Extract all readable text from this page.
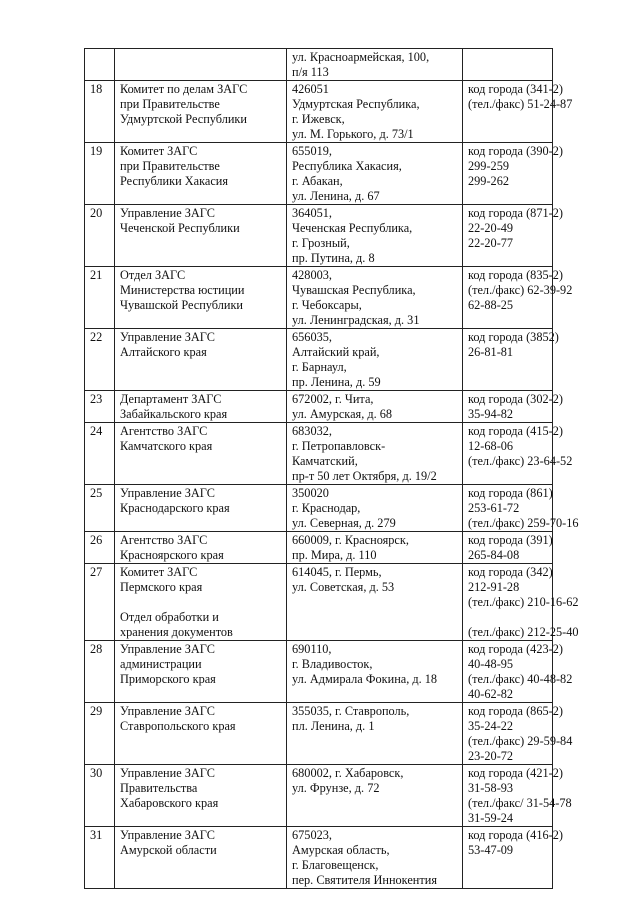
		ул. Красноармейская, 100,
п/я 113	

18	Комитет по делам ЗАГС
при Правительстве
Удмуртской Республики	426051
Удмуртская Республика,
г. Ижевск,
ул. М. Горького, д. 73/1	код города (341-2)
(тел./факс) 51-24-87

19	Комитет ЗАГС
при Правительстве
Республики Хакасия	655019,
Республика Хакасия,
г. Абакан,
ул. Ленина, д. 67	код города (390-2)
299-259
299-262

20	Управление ЗАГС
Чеченской Республики	364051,
Чеченская Республика,
г. Грозный,
пр. Путина, д. 8	код города (871-2)
22-20-49
22-20-77

21	Отдел ЗАГС
Министерства юстиции
Чувашской Республики	428003,
Чувашская Республика,
г. Чебоксары,
ул. Ленинградская, д. 31	код города (835-2)
(тел./факс) 62-39-92
62-88-25

22	Управление ЗАГС
Алтайского края	656035,
Алтайский край,
г. Барнаул,
пр. Ленина, д. 59	код города (3852)
26-81-81

23	Департамент ЗАГС
Забайкальского края	672002, г. Чита,
ул. Амурская, д. 68	код города (302-2)
35-94-82

24	Агентство ЗАГС
Камчатского края	683032,
г. Петропавловск-
Камчатский,
пр-т 50 лет Октября, д. 19/2	код города (415-2)
12-68-06
(тел./факс) 23-64-52

25	Управление ЗАГС
Краснодарского края	350020
г. Краснодар,
ул. Северная, д. 279	код города (861)
253-61-72
(тел./факс) 259-70-16

26	Агентство ЗАГС
Красноярского края	660009, г. Красноярск,
пр. Мира, д. 110	код города (391)
265-84-08

27	Комитет ЗАГС
Пермского края
Отдел обработки и
хранения документов	614045, г. Пермь,
ул. Советская, д. 53	код города (342)
212-91-28
(тел./факс) 210-16-62
(тел./факс) 212-25-40

28	Управление ЗАГС
администрации
Приморского края	690110,
г. Владивосток,
ул. Адмирала Фокина, д. 18	код города (423-2)
40-48-95
(тел./факс) 40-48-82
40-62-82

29	Управление ЗАГС
Ставропольского края	355035, г. Ставрополь,
пл. Ленина, д. 1	код города (865-2)
35-24-22
(тел./факс) 29-59-84
23-20-72

30	Управление ЗАГС
Правительства
Хабаровского края	680002, г. Хабаровск,
ул. Фрунзе, д. 72	код города (421-2)
31-58-93
(тел./факс/ 31-54-78
31-59-24

31	Управление ЗАГС
Амурской области	675023,
Амурская область,
г. Благовещенск,
пер. Святителя Иннокентия	код города (416-2)
53-47-09
